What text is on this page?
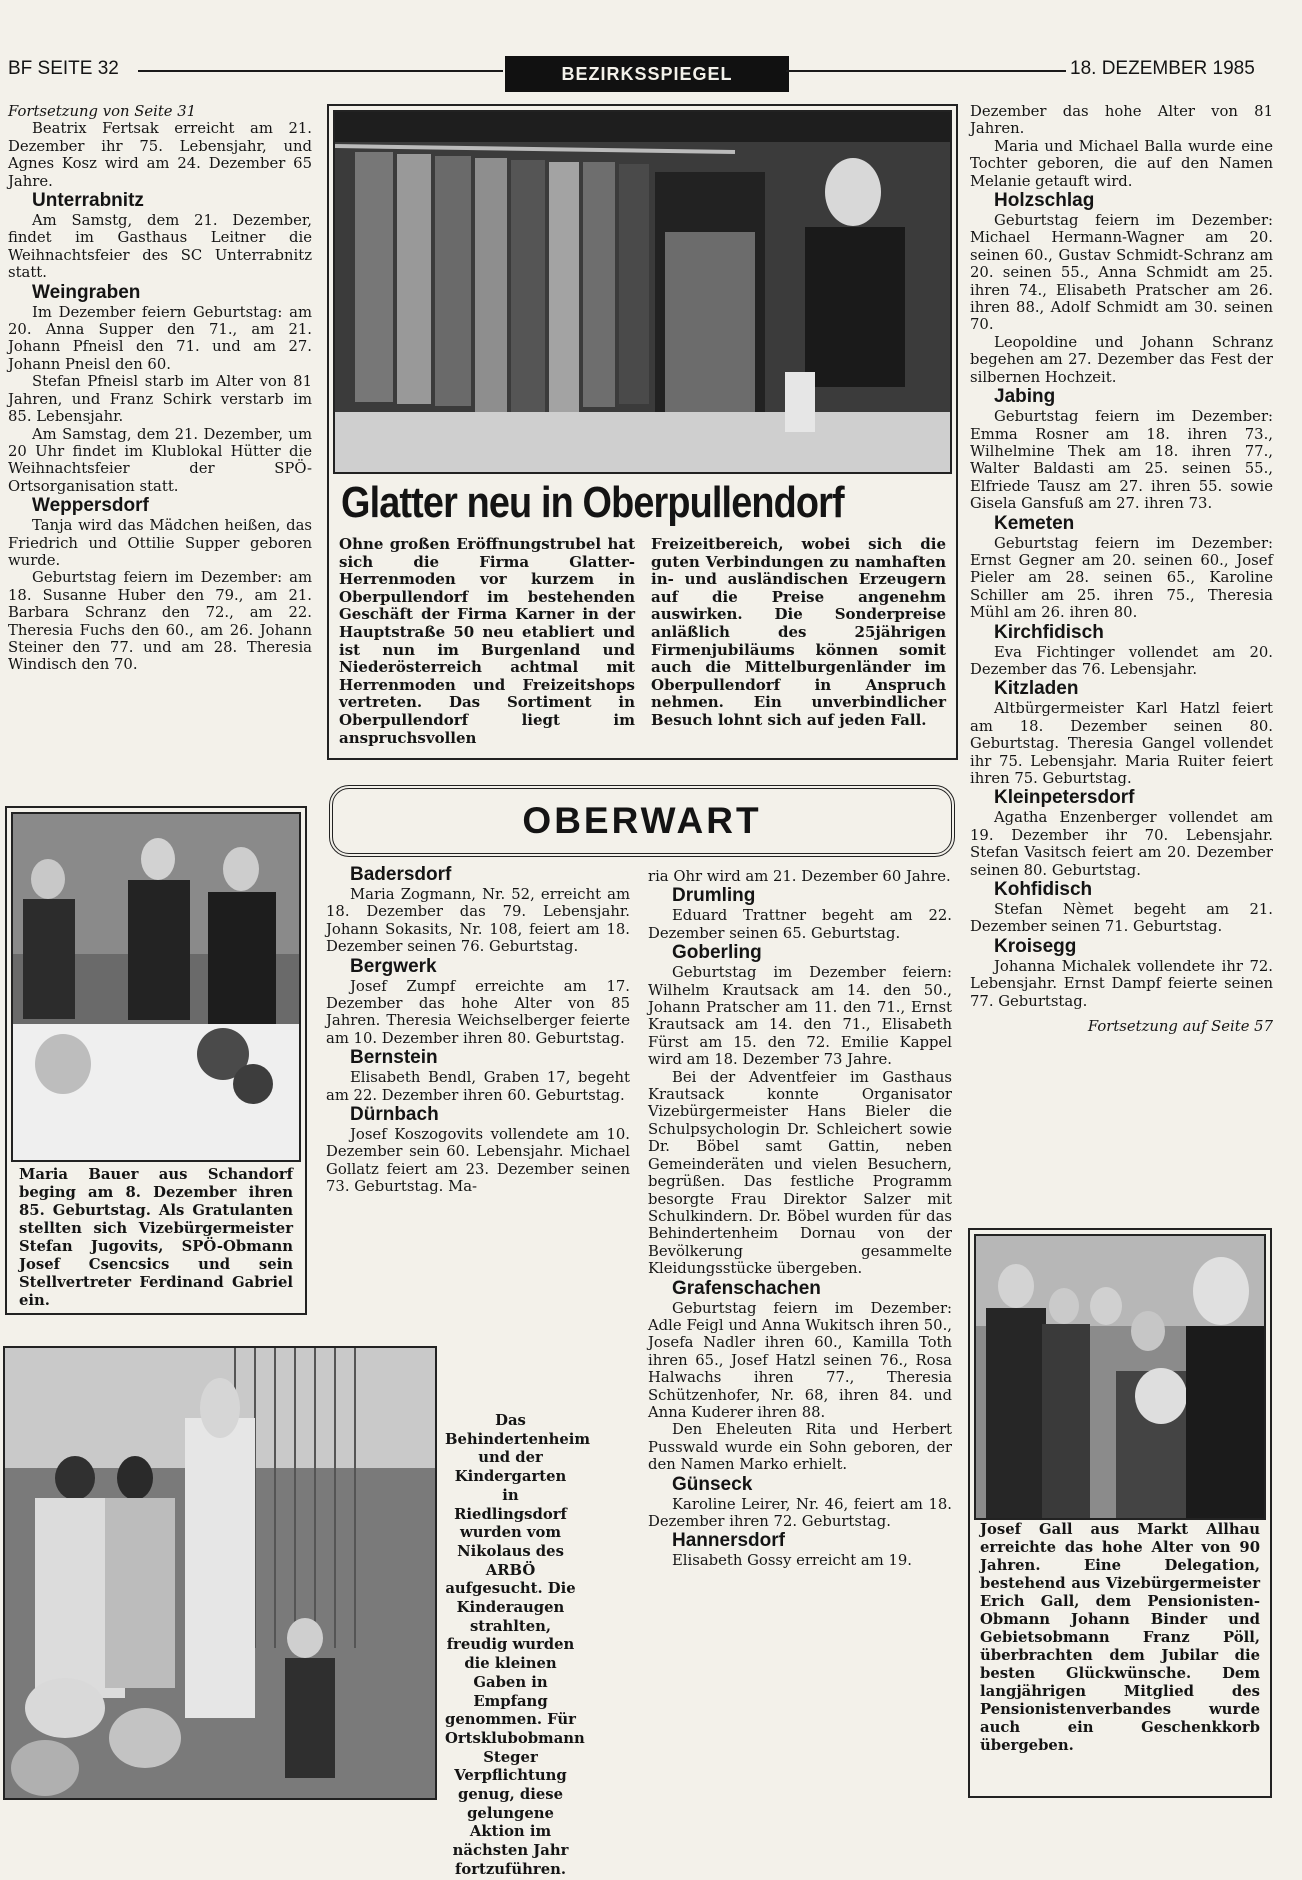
BF SEITE 32	BEZIRKSSPIEGEL	18. DEZEMBER 1985

Fortsetzung von Seite 31

Beatrix Fertsak erreicht am 21. Dezember ihr 75. Lebensjahr, und Agnes Kosz wird am 24. Dezember 65 Jahre.

Unterrabnitz

Am Samstg, dem 21. Dezember, findet im Gasthaus Leitner die Weihnachtsfeier des SC Unterrabnitz statt.

Weingraben

Im Dezember feiern Geburtstag: am 20. Anna Supper den 71., am 21. Johann Pfneisl den 71. und am 27. Johann Pneisl den 60.

Stefan Pfneisl starb im Alter von 81 Jahren, und Franz Schirk verstarb im 85. Lebensjahr.

Am Samstag, dem 21. Dezember, um 20 Uhr findet im Klublokal Hütter die Weihnachtsfeier der SPÖ-Ortsorganisation statt.

Weppersdorf

Tanja wird das Mädchen heißen, das Friedrich und Ottilie Supper geboren wurde.

Geburtstag feiern im Dezember: am 18. Susanne Huber den 79., am 21. Barbara Schranz den 72., am 22. Theresia Fuchs den 60., am 26. Johann Steiner den 77. und am 28. Theresia Windisch den 70.

Glatter neu in Oberpullendorf

Ohne großen Eröffnungstrubel hat sich die Firma Glatter-Herrenmoden vor kurzem in Oberpullendorf im bestehenden Geschäft der Firma Karner in der Hauptstraße 50 neu etabliert und ist nun im Burgenland und Niederösterreich achtmal mit Herrenmoden und Freizeitshops vertreten. Das Sortiment in Oberpullendorf liegt im anspruchsvollen

Freizeitbereich, wobei sich die guten Verbindungen zu namhaften in- und ausländischen Erzeugern auf die Preise angenehm auswirken. Die Sonderpreise anläßlich des 25jährigen Firmenjubiläums können somit auch die Mittelburgenländer im Oberpullendorf in Anspruch nehmen. Ein unverbindlicher Besuch lohnt sich auf jeden Fall.

Maria Bauer aus Schandorf beging am 8. Dezember ihren 85. Geburtstag. Als Gratulanten stellten sich Vizebürgermeister Stefan Jugovits, SPÖ-Obmann Josef Csencsics und sein Stellvertreter Ferdinand Gabriel ein.
Das Behindertenheim und der Kindergarten in Riedlingsdorf wurden vom Nikolaus des ARBÖ aufgesucht. Die Kinderaugen strahlten, freudig wurden die kleinen Gaben in Empfang genommen. Für Ortsklubobmann Steger Verpflichtung genug, diese gelungene Aktion im nächsten Jahr fortzuführen.
OBERWART

Badersdorf

Maria Zogmann, Nr. 52, erreicht am 18. Dezember das 79. Lebensjahr. Johann Sokasits, Nr. 108, feiert am 18. Dezember seinen 76. Geburtstag.

Bergwerk

Josef Zumpf erreichte am 17. Dezember das hohe Alter von 85 Jahren. Theresia Weichselberger feierte am 10. Dezember ihren 80. Geburtstag.

Bernstein

Elisabeth Bendl, Graben 17, begeht am 22. Dezember ihren 60. Geburtstag.

Dürnbach

Josef Koszogovits vollendete am 10. Dezember sein 60. Lebensjahr. Michael Gollatz feiert am 23. Dezember seinen 73. Geburtstag. Ma-

ria Ohr wird am 21. Dezember 60 Jahre.

Drumling

Eduard Trattner begeht am 22. Dezember seinen 65. Geburtstag.

Goberling

Geburtstag im Dezember feiern: Wilhelm Krautsack am 14. den 50., Johann Pratscher am 11. den 71., Ernst Krautsack am 14. den 71., Elisabeth Fürst am 15. den 72. Emilie Kappel wird am 18. Dezember 73 Jahre.

Bei der Adventfeier im Gasthaus Krautsack konnte Organisator Vizebürgermeister Hans Bieler die Schulpsychologin Dr. Schleichert sowie Dr. Böbel samt Gattin, neben Gemeinderäten und vielen Besuchern, begrüßen. Das festliche Programm besorgte Frau Direktor Salzer mit Schulkindern. Dr. Böbel wurden für das Behindertenheim Dornau von der Bevölkerung gesammelte Kleidungsstücke übergeben.

Grafenschachen

Geburtstag feiern im Dezember: Adle Feigl und Anna Wukitsch ihren 50., Josefa Nadler ihren 60., Kamilla Toth ihren 65., Josef Hatzl seinen 76., Rosa Halwachs ihren 77., Theresia Schützenhofer, Nr. 68, ihren 84. und Anna Kuderer ihren 88.

Den Eheleuten Rita und Herbert Pusswald wurde ein Sohn geboren, der den Namen Marko erhielt.

Günseck

Karoline Leirer, Nr. 46, feiert am 18. Dezember ihren 72. Geburtstag.

Hannersdorf

Elisabeth Gossy erreicht am 19.

Dezember das hohe Alter von 81 Jahren.

Maria und Michael Balla wurde eine Tochter geboren, die auf den Namen Melanie getauft wird.

Holzschlag

Geburtstag feiern im Dezember: Michael Hermann-Wagner am 20. seinen 60., Gustav Schmidt-Schranz am 20. seinen 55., Anna Schmidt am 25. ihren 74., Elisabeth Pratscher am 26. ihren 88., Adolf Schmidt am 30. seinen 70.

Leopoldine und Johann Schranz begehen am 27. Dezember das Fest der silbernen Hochzeit.

Jabing

Geburtstag feiern im Dezember: Emma Rosner am 18. ihren 73., Wilhelmine Thek am 18. ihren 77., Walter Baldasti am 25. seinen 55., Elfriede Tausz am 27. ihren 55. sowie Gisela Gansfuß am 27. ihren 73.

Kemeten

Geburtstag feiern im Dezember: Ernst Gegner am 20. seinen 60., Josef Pieler am 28. seinen 65., Karoline Schiller am 25. ihren 75., Theresia Mühl am 26. ihren 80.

Kirchfidisch

Eva Fichtinger vollendet am 20. Dezember das 76. Lebensjahr.

Kitzladen

Altbürgermeister Karl Hatzl feiert am 18. Dezember seinen 80. Geburtstag. Theresia Gangel vollendet ihr 75. Lebensjahr. Maria Ruiter feiert ihren 75. Geburtstag.

Kleinpetersdorf

Agatha Enzenberger vollendet am 19. Dezember ihr 70. Lebensjahr. Stefan Vasitsch feiert am 20. Dezember seinen 80. Geburtstag.

Kohfidisch

Stefan Nèmet begeht am 21. Dezember seinen 71. Geburtstag.

Kroisegg

Johanna Michalek vollendete ihr 72. Lebensjahr. Ernst Dampf feierte seinen 77. Geburtstag.

Fortsetzung auf Seite 57

Josef Gall aus Markt Allhau erreichte das hohe Alter von 90 Jahren. Eine Delegation, bestehend aus Vizebürgermeister Erich Gall, dem Pensionisten-Obmann Johann Binder und Gebietsobmann Franz Pöll, überbrachten dem Jubilar die besten Glückwünsche. Dem langjährigen Mitglied des Pensionistenverbandes wurde auch ein Geschenkkorb übergeben.
